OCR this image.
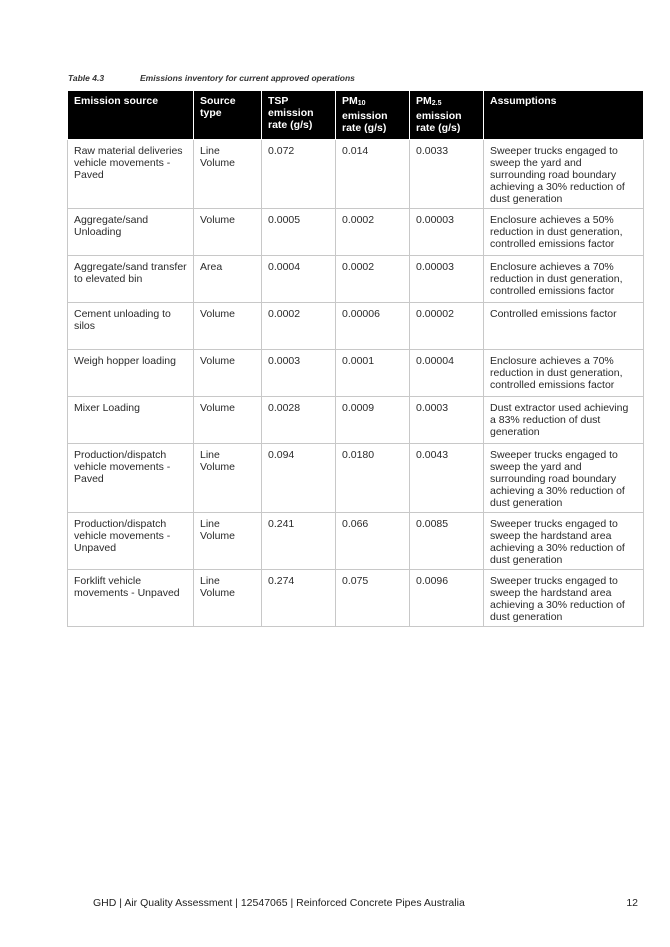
Table 4.3	Emissions inventory for current approved operations
Emission source	Source type	TSP emission rate (g/s)	$PM_{10}$ emission rate (g/s)	$PM_{2.5}$ emission rate (g/s)	Assumptions
Raw material deliveries vehicle movements - Paved	Line Volume	0.072	0.014	0.0033	Sweeper trucks engaged to sweep the yard and surrounding road boundary achieving a 30% reduction of dust generation
Aggregate/sand Unloading	Volume	0.0005	0.0002	0.00003	Enclosure achieves a 50% reduction in dust generation, controlled emissions factor
Aggregate/sand transfer to elevated bin	Area	0.0004	0.0002	0.00003	Enclosure achieves a 70% reduction in dust generation, controlled emissions factor
Cement unloading to silos	Volume	0.0002	0.00006	0.00002	Controlled emissions factor
Weigh hopper loading	Volume	0.0003	0.0001	0.00004	Enclosure achieves a 70% reduction in dust generation, controlled emissions factor
Mixer Loading	Volume	0.0028	0.0009	0.0003	Dust extractor used achieving a 83% reduction of dust generation
Production/dispatch vehicle movements - Paved	Line Volume	0.094	0.0180	0.0043	Sweeper trucks engaged to sweep the yard and surrounding road boundary achieving a 30% reduction of dust generation
Production/dispatch vehicle movements - Unpaved	Line Volume	0.241	0.066	0.0085	Sweeper trucks engaged to sweep the hardstand area achieving a 30% reduction of dust generation
Forklift vehicle movements - Unpaved	Line Volume	0.274	0.075	0.0096	Sweeper trucks engaged to sweep the hardstand area achieving a 30% reduction of dust generation
GHD | Air Quality Assessment | 12547065 | Reinforced Concrete Pipes Australia	12
